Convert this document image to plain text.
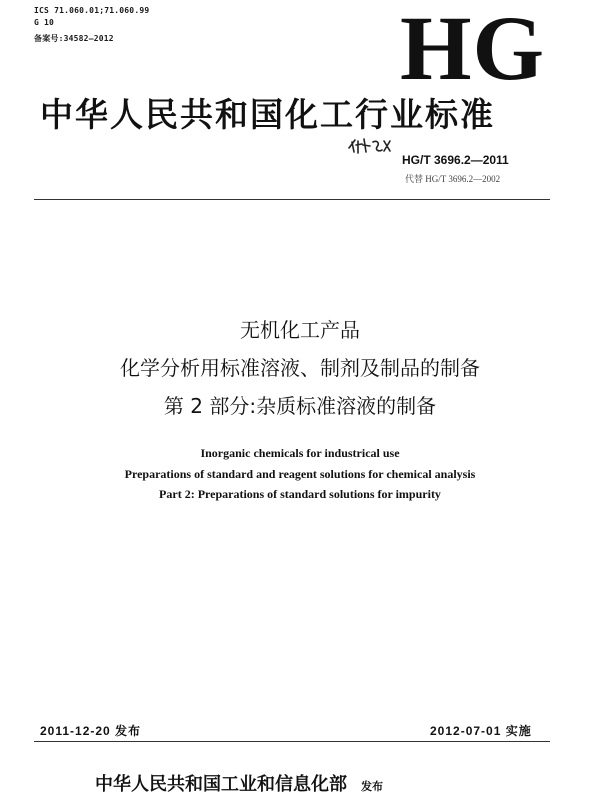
ICS 71.060.01;71.060.99
G 10
备案号:34582—2012	HG
中华人民共和国化工行业标准
HG/T 3696.2—2011
代替 HG/T 3696.2—2002
无机化工产品
化学分析用标准溶液、制剂及制品的制备
第 2 部分:杂质标准溶液的制备
Inorganic chemicals for industrical use
Preparations of standard and reagent solutions for chemical analysis
Part 2: Preparations of standard solutions for impurity
2011-12-20 发布	2012-07-01 实施
中华人民共和国工业和信息化部 发布
